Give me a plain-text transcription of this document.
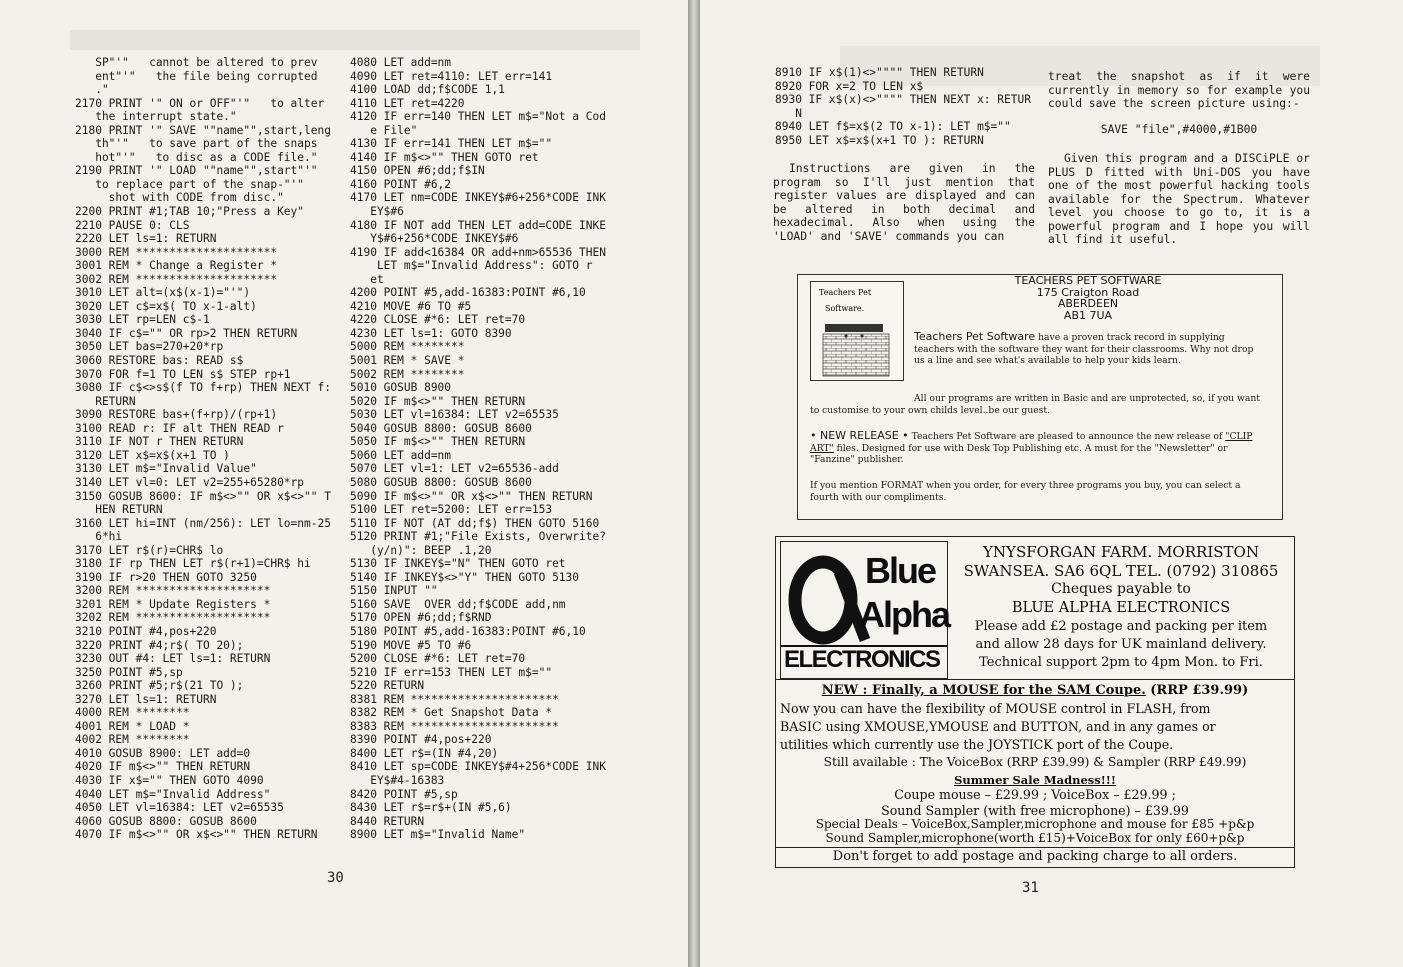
SP"'"   cannot be altered to prev
ent"'"   the file being corrupted
."
2170 PRINT '" ON or OFF"'"   to alter
the interrupt state."
2180 PRINT '" SAVE ""name"",start,leng
th"'"   to save part of the snaps
hot"'"   to disc as a CODE file."
2190 PRINT '" LOAD ""name"",start"'"
to replace part of the snap-"'"
shot with CODE from disc."
2200 PRINT #1;TAB 10;"Press a Key"
2210 PAUSE 0: CLS
2220 LET ls=1: RETURN
3000 REM *********************
3001 REM * Change a Register *
3002 REM *********************
3010 LET alt=(x$(x-1)="'")
3020 LET c$=x$( TO x-1-alt)
3030 LET rp=LEN c$-1
3040 IF c$="" OR rp>2 THEN RETURN
3050 LET bas=270+20*rp
3060 RESTORE bas: READ s$
3070 FOR f=1 TO LEN s$ STEP rp+1
3080 IF c$<>s$(f TO f+rp) THEN NEXT f:
RETURN
3090 RESTORE bas+(f+rp)/(rp+1)
3100 READ r: IF alt THEN READ r
3110 IF NOT r THEN RETURN
3120 LET x$=x$(x+1 TO )
3130 LET m$="Invalid Value"
3140 LET vl=0: LET v2=255+65280*rp
3150 GOSUB 8600: IF m$<>"" OR x$<>"" T
HEN RETURN
3160 LET hi=INT (nm/256): LET lo=nm-25
6*hi
3170 LET r$(r)=CHR$ lo
3180 IF rp THEN LET r$(r+1)=CHR$ hi
3190 IF r>20 THEN GOTO 3250
3200 REM ********************
3201 REM * Update Registers *
3202 REM ********************
3210 POINT #4,pos+220
3220 PRINT #4;r$( TO 20);
3230 OUT #4: LET ls=1: RETURN
3250 POINT #5,sp
3260 PRINT #5;r$(21 TO );
3270 LET ls=1: RETURN
4000 REM ********
4001 REM * LOAD *
4002 REM ********
4010 GOSUB 8900: LET add=0
4020 IF m$<>"" THEN RETURN
4030 IF x$="" THEN GOTO 4090
4040 LET m$="Invalid Address"
4050 LET vl=16384: LET v2=65535
4060 GOSUB 8800: GOSUB 8600
4070 IF m$<>"" OR x$<>"" THEN RETURN
4080 LET add=nm
4090 LET ret=4110: LET err=141
4100 LOAD dd;f$CODE 1,1
4110 LET ret=4220
4120 IF err=140 THEN LET m$="Not a Cod
e File"
4130 IF err=141 THEN LET m$=""
4140 IF m$<>"" THEN GOTO ret
4150 OPEN #6;dd;f$IN
4160 POINT #6,2
4170 LET nm=CODE INKEY$#6+256*CODE INK
EY$#6
4180 IF NOT add THEN LET add=CODE INKE
Y$#6+256*CODE INKEY$#6
4190 IF add<16384 OR add+nm>65536 THEN
LET m$="Invalid Address": GOTO r
et
4200 POINT #5,add-16383:POINT #6,10
4210 MOVE #6 TO #5
4220 CLOSE #*6: LET ret=70
4230 LET ls=1: GOTO 8390
5000 REM ********
5001 REM * SAVE *
5002 REM ********
5010 GOSUB 8900
5020 IF m$<>"" THEN RETURN
5030 LET vl=16384: LET v2=65535
5040 GOSUB 8800: GOSUB 8600
5050 IF m$<>"" THEN RETURN
5060 LET add=nm
5070 LET vl=1: LET v2=65536-add
5080 GOSUB 8800: GOSUB 8600
5090 IF m$<>"" OR x$<>"" THEN RETURN
5100 LET ret=5200: LET err=153
5110 IF NOT (AT dd;f$) THEN GOTO 5160
5120 PRINT #1;"File Exists, Overwrite?
(y/n)": BEEP .1,20
5130 IF INKEY$="N" THEN GOTO ret
5140 IF INKEY$<>"Y" THEN GOTO 5130
5150 INPUT ""
5160 SAVE  OVER dd;f$CODE add,nm
5170 OPEN #6;dd;f$RND
5180 POINT #5,add-16383:POINT #6,10
5190 MOVE #5 TO #6
5200 CLOSE #*6: LET ret=70
5210 IF err=153 THEN LET m$=""
5220 RETURN
8381 REM **********************
8382 REM * Get Snapshot Data *
8383 REM **********************
8390 POINT #4,pos+220
8400 LET r$=(IN #4,20)
8410 LET sp=CODE INKEY$#4+256*CODE INK
EY$#4-16383
8420 POINT #5,sp
8430 LET r$=r$+(IN #5,6)
8440 RETURN
8900 LET m$="Invalid Name"
30
8910 IF x$(1)<>"""" THEN RETURN
8920 FOR x=2 TO LEN x$
8930 IF x$(x)<>"""" THEN NEXT x: RETUR
N
8940 LET f$=x$(2 TO x-1): LET m$=""
8950 LET x$=x$(x+1 TO ): RETURN

Instructions are given in the program so I'll just mention that register values are displayed and can be altered in both decimal and hexadecimal. Also when using the 'LOAD' and 'SAVE' commands you can

treat the snapshot as if it were currently in memory so for example you could save the screen picture using:-

SAVE "file",#4000,#1B00

Given this program and a DISCiPLE or PLUS D fitted with Uni-DOS you have one of the most powerful hacking tools available for the Spectrum. Whatever level you choose to go to, it is a powerful program and I hope you will all find it useful.

Teachers Pet
Software.
TEACHERS PET SOFTWARE
175 Craigton Road
ABERDEEN
AB1 7UA
Teachers Pet Software have a proven track record in supplying teachers with the software they want for their classrooms. Why not drop us a line and see what's available to help your kids learn.
All our programs are written in Basic and are unprotected, so, if you want to customise to your own childs level..be our guest.
• NEW RELEASE • Teachers Pet Software are pleased to announce the new release of "CLIP ART" files. Designed for use with Desk Top Publishing etc. A must for the "Newsletter" or "Fanzine" publisher.
If you mention FORMAT when you order, for every three programs you buy, you can select a fourth with our compliments.
Blue
Alpha
ELECTRONICS
YNYSFORGAN FARM. MORRISTON
SWANSEA. SA6 6QL TEL. (0792) 310865
Cheques payable to
BLUE ALPHA ELECTRONICS
Please add £2 postage and packing per item
and allow 28 days for UK mainland delivery.
Technical support 2pm to 4pm Mon. to Fri.
NEW : Finally, a MOUSE for the SAM Coupe. (RRP £39.99)
Now you can have the flexibility of MOUSE control in FLASH, from
BASIC using XMOUSE,YMOUSE and BUTTON, and in any games or
utilities which currently use the JOYSTICK port of the Coupe.
Still available : The VoiceBox (RRP £39.99) & Sampler (RRP £49.99)
Summer Sale Madness!!!
Coupe mouse – £29.99 ; VoiceBox – £29.99 ;
Sound Sampler (with free microphone) – £39.99
Special Deals – VoiceBox,Sampler,microphone and mouse for £85 +p&p
Sound Sampler,microphone(worth £15)+VoiceBox for only £60+p&p
Don't forget to add postage and packing charge to all orders.
31
